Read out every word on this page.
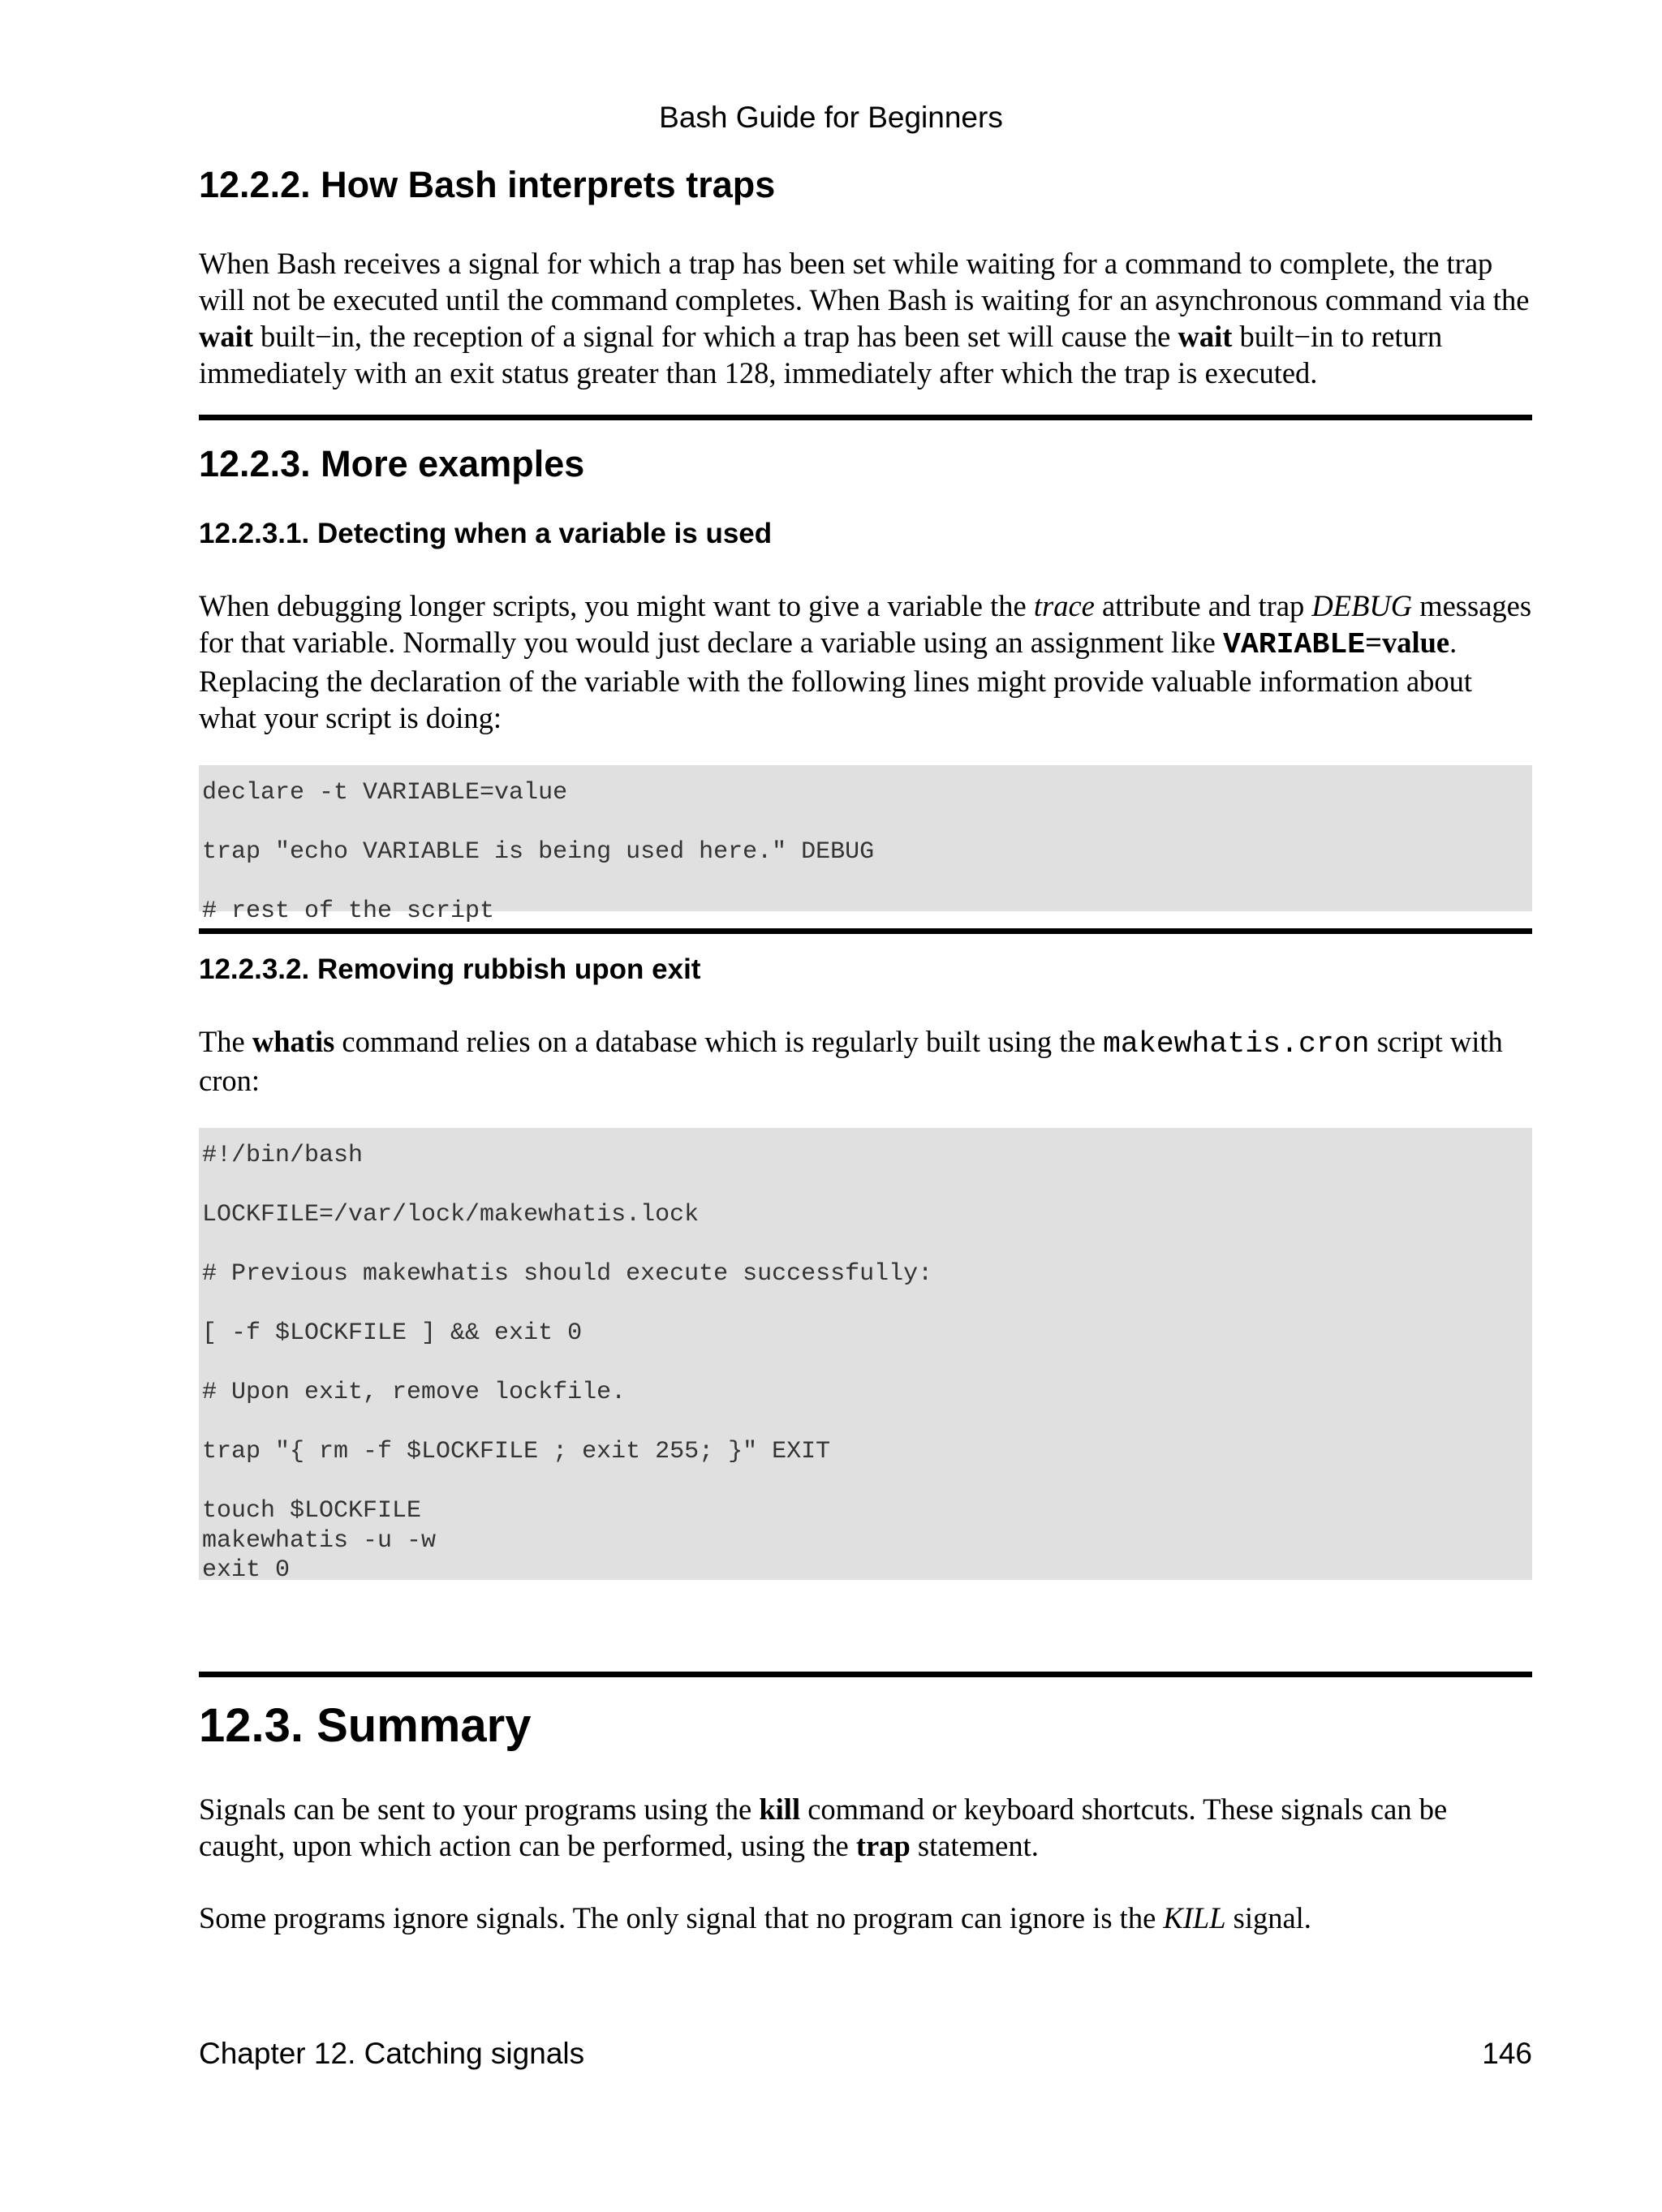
Bash Guide for Beginners
12.2.2. How Bash interprets traps

When Bash receives a signal for which a trap has been set while waiting for a command to complete, the trap will not be executed until the command completes. When Bash is waiting for an asynchronous command via the wait built−in, the reception of a signal for which a trap has been set will cause the wait built−in to return immediately with an exit status greater than 128, immediately after which the trap is executed.

12.2.3. More examples
12.2.3.1. Detecting when a variable is used

When debugging longer scripts, you might want to give a variable the trace attribute and trap DEBUG messages for that variable. Normally you would just declare a variable using an assignment like VARIABLE=value. Replacing the declaration of the variable with the following lines might provide valuable information about what your script is doing:

declare -t VARIABLE=value

trap "echo VARIABLE is being used here." DEBUG

# rest of the script
12.2.3.2. Removing rubbish upon exit

The whatis command relies on a database which is regularly built using the makewhatis.cron script with cron:

#!/bin/bash

LOCKFILE=/var/lock/makewhatis.lock

# Previous makewhatis should execute successfully:

[ -f $LOCKFILE ] && exit 0

# Upon exit, remove lockfile.

trap "{ rm -f $LOCKFILE ; exit 255; }" EXIT

touch $LOCKFILE
makewhatis -u -w
exit 0
12.3. Summary

Signals can be sent to your programs using the kill command or keyboard shortcuts. These signals can be caught, upon which action can be performed, using the trap statement.

Some programs ignore signals. The only signal that no program can ignore is the KILL signal.

Chapter 12. Catching signals	146
